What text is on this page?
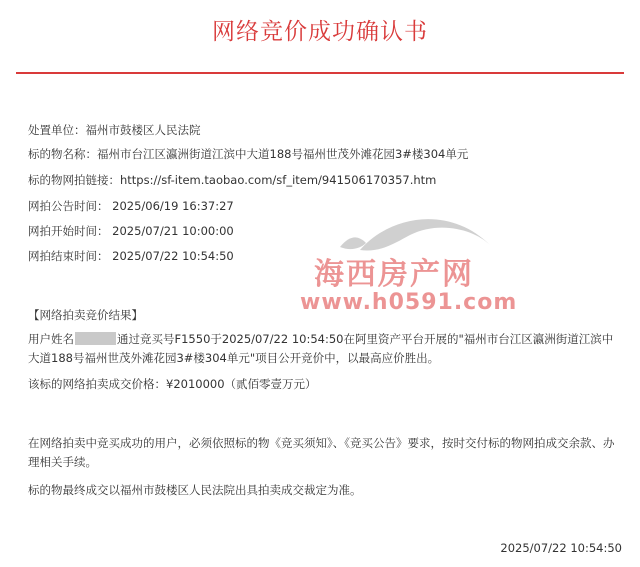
网络竞价成功确认书
处置单位：福州市鼓楼区人民法院
标的物名称：福州市台江区瀛洲街道江滨中大道188号福州世茂外滩花园3#楼304单元
标的物网拍链接：https://sf-item.taobao.com/sf_item/941506170357.htm
网拍公告时间： 2025/06/19 16:37:27
网拍开始时间： 2025/07/21 10:00:00
网拍结束时间： 2025/07/22 10:54:50
【网络拍卖竞价结果】
用户姓名	通过竞买号F1550于2025/07/22 10:54:50在阿里资产平台开展的"福州市台江区瀛洲街道江滨中大道188号福州世茂外滩花园3#楼304单元"项目公开竞价中，以最高应价胜出。
该标的网络拍卖成交价格：¥2010000（贰佰零壹万元）
在网络拍卖中竞买成功的用户，必须依照标的物《竞买须知》、《竞买公告》要求，按时交付标的物网拍成交余款、办理相关手续。
标的物最终成交以福州市鼓楼区人民法院出具拍卖成交裁定为准。
2025/07/22 10:54:50
海西房产网
www.h0591.com
